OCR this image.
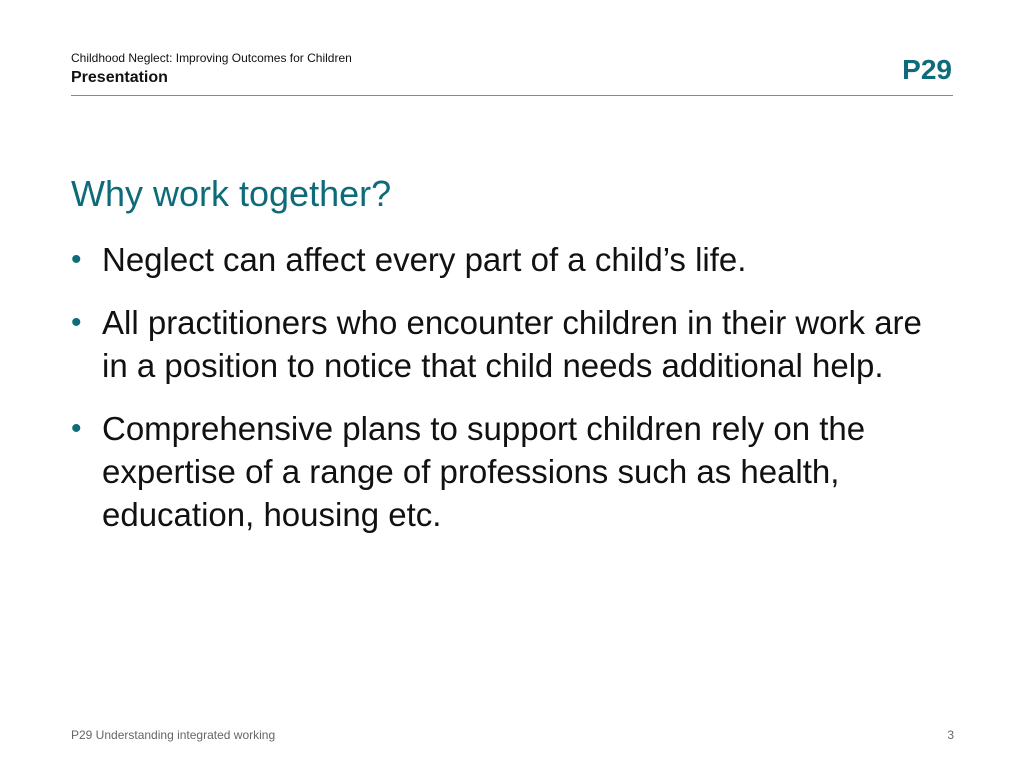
Childhood Neglect: Improving Outcomes for Children
Presentation	P29
Why work together?
• Neglect can affect every part of a child’s life.
• All practitioners who encounter children in their work are in a position to notice that child needs additional help.
• Comprehensive plans to support children rely on the expertise of a range of professions such as health, education, housing etc.
P29 Understanding integrated working	3
